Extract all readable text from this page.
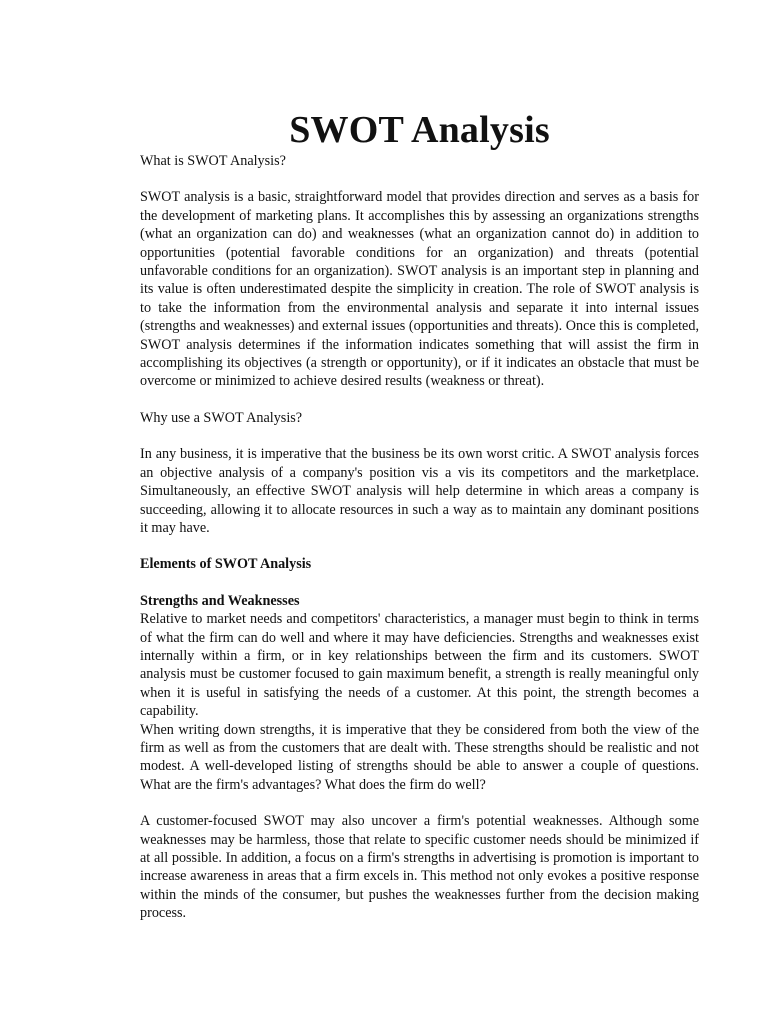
SWOT Analysis

What is SWOT Analysis?

SWOT analysis is a basic, straightforward model that provides direction and serves as a basis for the development of marketing plans. It accomplishes this by assessing an organizations strengths (what an organization can do) and weaknesses (what an organization cannot do) in addition to opportunities (potential favorable conditions for an organization) and threats (potential unfavorable conditions for an organization). SWOT analysis is an important step in planning and its value is often underestimated despite the simplicity in creation. The role of SWOT analysis is to take the information from the environmental analysis and separate it into internal issues (strengths and weaknesses) and external issues (opportunities and threats). Once this is completed, SWOT analysis determines if the information indicates something that will assist the firm in accomplishing its objectives (a strength or opportunity), or if it indicates an obstacle that must be overcome or minimized to achieve desired results (weakness or threat).

Why use a SWOT Analysis?

In any business, it is imperative that the business be its own worst critic. A SWOT analysis forces an objective analysis of a company's position vis a vis its competitors and the marketplace. Simultaneously, an effective SWOT analysis will help determine in which areas a company is succeeding, allowing it to allocate resources in such a way as to maintain any dominant positions it may have.

Elements of SWOT Analysis

Strengths and Weaknesses

Relative to market needs and competitors' characteristics, a manager must begin to think in terms of what the firm can do well and where it may have deficiencies. Strengths and weaknesses exist internally within a firm, or in key relationships between the firm and its customers. SWOT analysis must be customer focused to gain maximum benefit, a strength is really meaningful only when it is useful in satisfying the needs of a customer. At this point, the strength becomes a capability.

When writing down strengths, it is imperative that they be considered from both the view of the firm as well as from the customers that are dealt with. These strengths should be realistic and not modest. A well-developed listing of strengths should be able to answer a couple of questions. What are the firm's advantages? What does the firm do well?

A customer-focused SWOT may also uncover a firm's potential weaknesses. Although some weaknesses may be harmless, those that relate to specific customer needs should be minimized if at all possible. In addition, a focus on a firm's strengths in advertising is promotion is important to increase awareness in areas that a firm excels in. This method not only evokes a positive response within the minds of the consumer, but pushes the weaknesses further from the decision making process.
